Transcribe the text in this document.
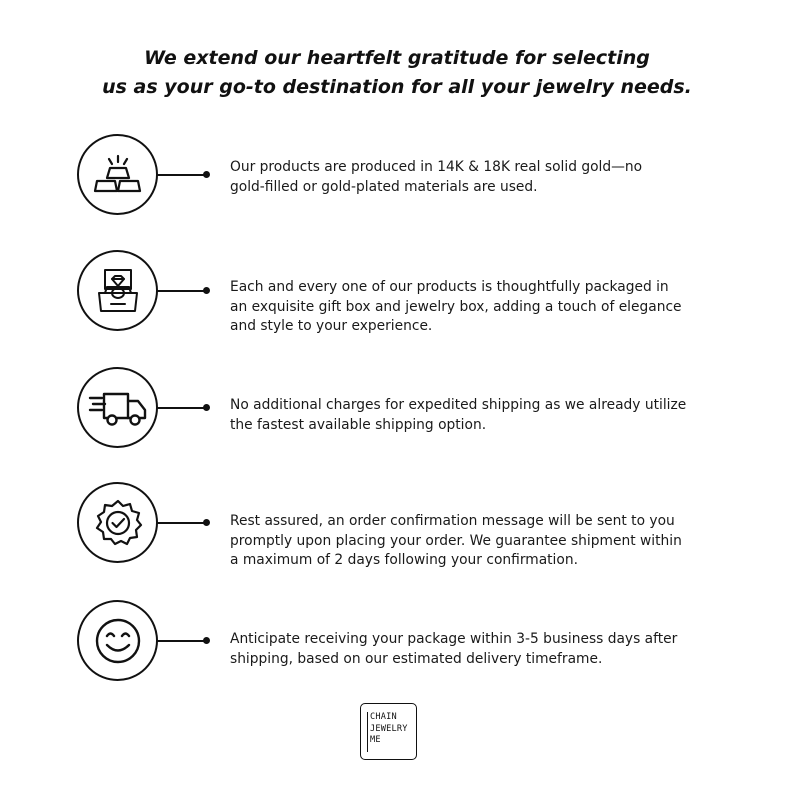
We extend our heartfelt gratitude for selecting
us as your go-to destination for all your jewelry needs.
Our products are produced in 14K & 18K real solid gold—no
gold-filled or gold-plated materials are used.
Each and every one of our products is thoughtfully packaged in
an exquisite gift box and jewelry box, adding a touch of elegance
and style to your experience.
No additional charges for expedited shipping as we already utilize
the fastest available shipping option.
Rest assured, an order confirmation message will be sent to you
promptly upon placing your order. We guarantee shipment within
a maximum of 2 days following your confirmation.
Anticipate receiving your package within 3-5 business days after
shipping, based on our estimated delivery timeframe.
CHAIN
JEWELRY
ME
